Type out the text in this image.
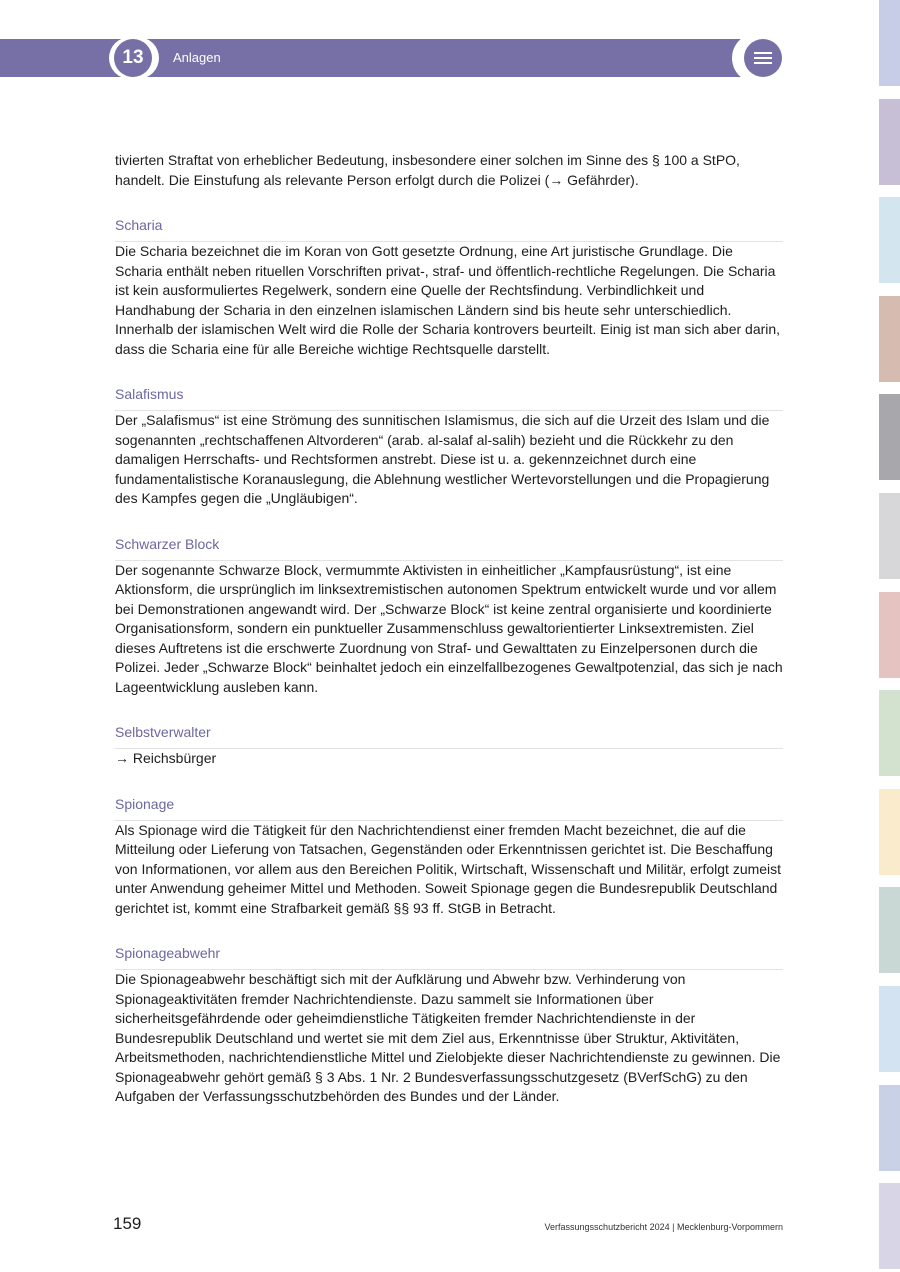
13	Anlagen

tivierten Straftat von erheblicher Bedeutung, insbesondere einer solchen im Sinne des § 100 a StPO, handelt. Die Einstufung als relevante Person erfolgt durch die Polizei (→ Gefährder).

Scharia

Die Scharia bezeichnet die im Koran von Gott gesetzte Ordnung, eine Art juristische Grundlage. Die Scharia enthält neben rituellen Vorschriften privat-, straf- und öffentlich-rechtliche Regelungen. Die Scharia ist kein ausformuliertes Regelwerk, sondern eine Quelle der Rechtsfindung. Verbindlichkeit und Handhabung der Scharia in den einzelnen islamischen Ländern sind bis heute sehr unterschiedlich. Innerhalb der islamischen Welt wird die Rolle der Scharia kontrovers beurteilt. Einig ist man sich aber darin, dass die Scharia eine für alle Bereiche wichtige Rechtsquelle darstellt.

Salafismus

Der „Salafismus“ ist eine Strömung des sunnitischen Islamismus, die sich auf die Urzeit des Islam und die sogenannten „rechtschaffenen Altvorderen“ (arab. al-salaf al-salih) bezieht und die Rückkehr zu den damaligen Herrschafts- und Rechtsformen anstrebt. Diese ist u. a. gekennzeichnet durch eine fundamentalistische Koranauslegung, die Ablehnung westlicher Wertevorstellungen und die Propagierung des Kampfes gegen die „Ungläubigen“.

Schwarzer Block

Der sogenannte Schwarze Block, vermummte Aktivisten in einheitlicher „Kampfausrüstung“, ist eine Aktionsform, die ursprünglich im linksextremistischen autonomen Spektrum entwickelt wurde und vor allem bei Demonstrationen angewandt wird. Der „Schwarze Block“ ist keine zentral organisierte und koordinierte Organisationsform, sondern ein punktueller Zusammenschluss gewaltorientierter Linksextremisten. Ziel dieses Auftretens ist die erschwerte Zuordnung von Straf- und Gewalttaten zu Einzelpersonen durch die Polizei. Jeder „Schwarze Block“ beinhaltet jedoch ein einzelfallbezogenes Gewaltpotenzial, das sich je nach Lageentwicklung ausleben kann.

Selbstverwalter

→ Reichsbürger

Spionage

Als Spionage wird die Tätigkeit für den Nachrichtendienst einer fremden Macht bezeichnet, die auf die Mitteilung oder Lieferung von Tatsachen, Gegenständen oder Erkenntnissen gerichtet ist. Die Beschaffung von Informationen, vor allem aus den Bereichen Politik, Wirtschaft, Wissenschaft und Militär, erfolgt zumeist unter Anwendung geheimer Mittel und Methoden. Soweit Spionage gegen die Bundesrepublik Deutschland gerichtet ist, kommt eine Strafbarkeit gemäß §§ 93 ff. StGB in Betracht.

Spionageabwehr

Die Spionageabwehr beschäftigt sich mit der Aufklärung und Abwehr bzw. Verhinderung von Spionageaktivitäten fremder Nachrichtendienste. Dazu sammelt sie Informationen über sicherheitsgefährdende oder geheimdienstliche Tätigkeiten fremder Nachrichtendienste in der Bundesrepublik Deutschland und wertet sie mit dem Ziel aus, Erkenntnisse über Struktur, Aktivitäten, Arbeitsmethoden, nachrichtendienstliche Mittel und Zielobjekte dieser Nachrichtendienste zu gewinnen. Die Spionageabwehr gehört gemäß § 3 Abs. 1 Nr. 2 Bundesverfassungsschutzgesetz (BVerfSchG) zu den Aufgaben der Verfassungsschutzbehörden des Bundes und der Länder.

159	Verfassungsschutzbericht 2024 | Mecklenburg-Vorpommern
